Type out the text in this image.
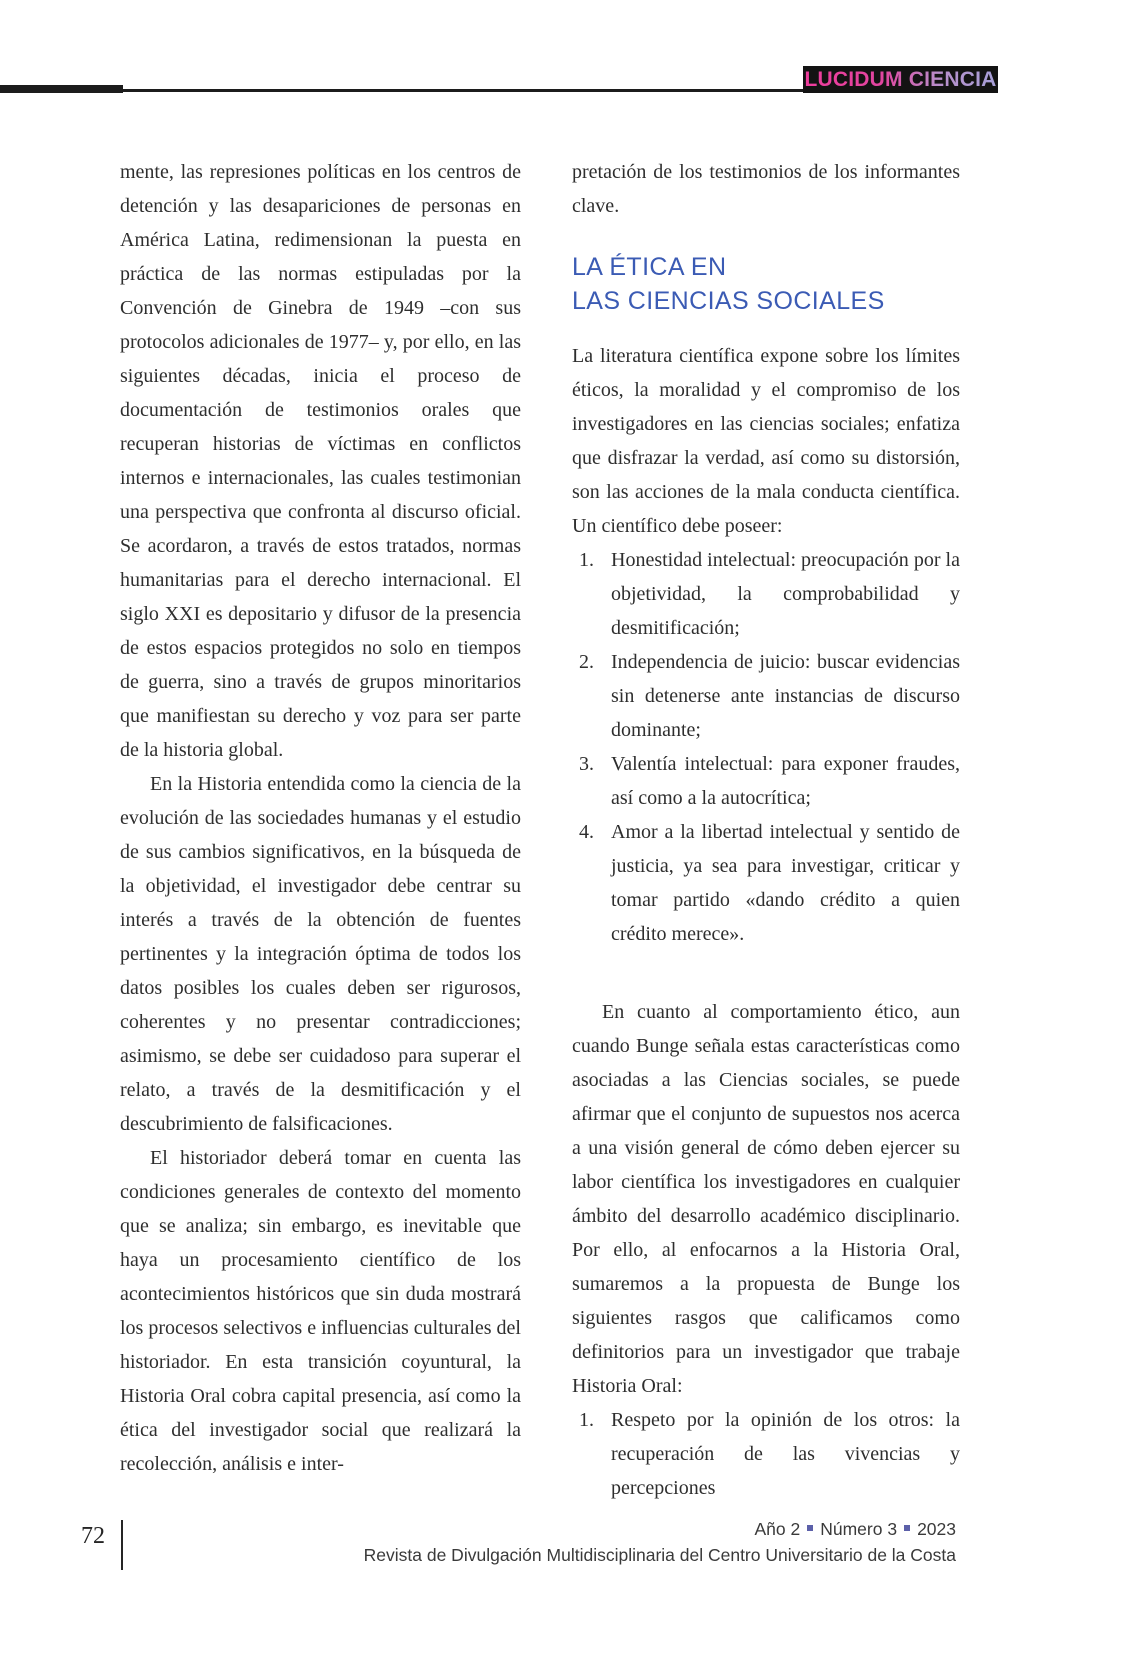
LUCIDUM CIENCIA

mente, las represiones políticas en los centros de detención y las desapariciones de personas en América Latina, redimensionan la puesta en práctica de las normas estipuladas por la Convención de Ginebra de 1949 –con sus protocolos adicionales de 1977– y, por ello, en las siguientes décadas, inicia el proceso de documentación de testimonios orales que recuperan historias de víctimas en conflictos internos e internacionales, las cuales testimonian una perspectiva que confronta al discurso oficial. Se acordaron, a través de estos tratados, normas humanitarias para el derecho internacional. El siglo XXI es depositario y difusor de la presencia de estos espacios protegidos no solo en tiempos de guerra, sino a través de grupos minoritarios que manifiestan su derecho y voz para ser parte de la historia global.

En la Historia entendida como la ciencia de la evolución de las sociedades humanas y el estudio de sus cambios significativos, en la búsqueda de la objetividad, el investigador debe centrar su interés a través de la obtención de fuentes pertinentes y la integración óptima de todos los datos posibles los cuales deben ser rigurosos, coherentes y no presentar contradicciones; asimismo, se debe ser cuidadoso para superar el relato, a través de la desmitificación y el descubrimiento de falsificaciones.

El historiador deberá tomar en cuenta las condiciones generales de contexto del momento que se analiza; sin embargo, es inevitable que haya un procesamiento científico de los acontecimientos históricos que sin duda mostrará los procesos selectivos e influencias culturales del historiador. En esta transición coyuntural, la Historia Oral cobra capital presencia, así como la ética del investigador social que realizará la recolección, análisis e inter-

pretación de los testimonios de los informantes clave.

LA ÉTICA EN
LAS CIENCIAS SOCIALES

La literatura científica expone sobre los límites éticos, la moralidad y el compromiso de los investigadores en las ciencias sociales; enfatiza que disfrazar la verdad, así como su distorsión, son las acciones de la mala conducta científica. Un científico debe poseer:

Honestidad intelectual: preocupación por la objetividad, la comprobabilidad y desmitificación;
Independencia de juicio: buscar evidencias sin detenerse ante instancias de discurso dominante;
Valentía intelectual: para exponer fraudes, así como a la autocrítica;
Amor a la libertad intelectual y sentido de justicia, ya sea para investigar, criticar y tomar partido «dando crédito a quien crédito merece».

En cuanto al comportamiento ético, aun cuando Bunge señala estas características como asociadas a las Ciencias sociales, se puede afirmar que el conjunto de supuestos nos acerca a una visión general de cómo deben ejercer su labor científica los investigadores en cualquier ámbito del desarrollo académico disciplinario. Por ello, al enfocarnos a la Historia Oral, sumaremos a la propuesta de Bunge los siguientes rasgos que calificamos como definitorios para un investigador que trabaje Historia Oral:

Respeto por la opinión de los otros: la recuperación de las vivencias y percepciones
72	Año 2 Número 3 2023
Revista de Divulgación Multidisciplinaria del Centro Universitario de la Costa
